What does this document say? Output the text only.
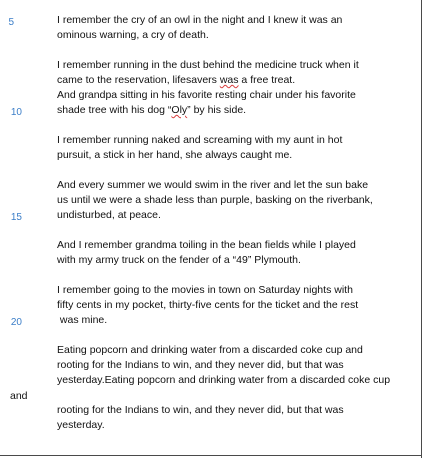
5
10
15
20
I remember the cry of an owl in the night and I knew it was an
ominous warning, a cry of death.
I remember running in the dust behind the medicine truck when it
came to the reservation, lifesavers was a free treat.
And grandpa sitting in his favorite resting chair under his favorite
shade tree with his dog “Oly” by his side.
I remember running naked and screaming with my aunt in hot
pursuit, a stick in her hand, she always caught me.
And every summer we would swim in the river and let the sun bake
us until we were a shade less than purple, basking on the riverbank,
undisturbed, at peace.
And I remember grandma toiling in the bean fields while I played
with my army truck on the fender of a “49” Plymouth.
I remember going to the movies in town on Saturday nights with
fifty cents in my pocket, thirty-five cents for the ticket and the rest
was mine.
Eating popcorn and drinking water from a discarded coke cup and
rooting for the Indians to win, and they never did, but that was
yesterday.Eating popcorn and drinking water from a discarded coke cup
rooting for the Indians to win, and they never did, but that was
yesterday.
and
